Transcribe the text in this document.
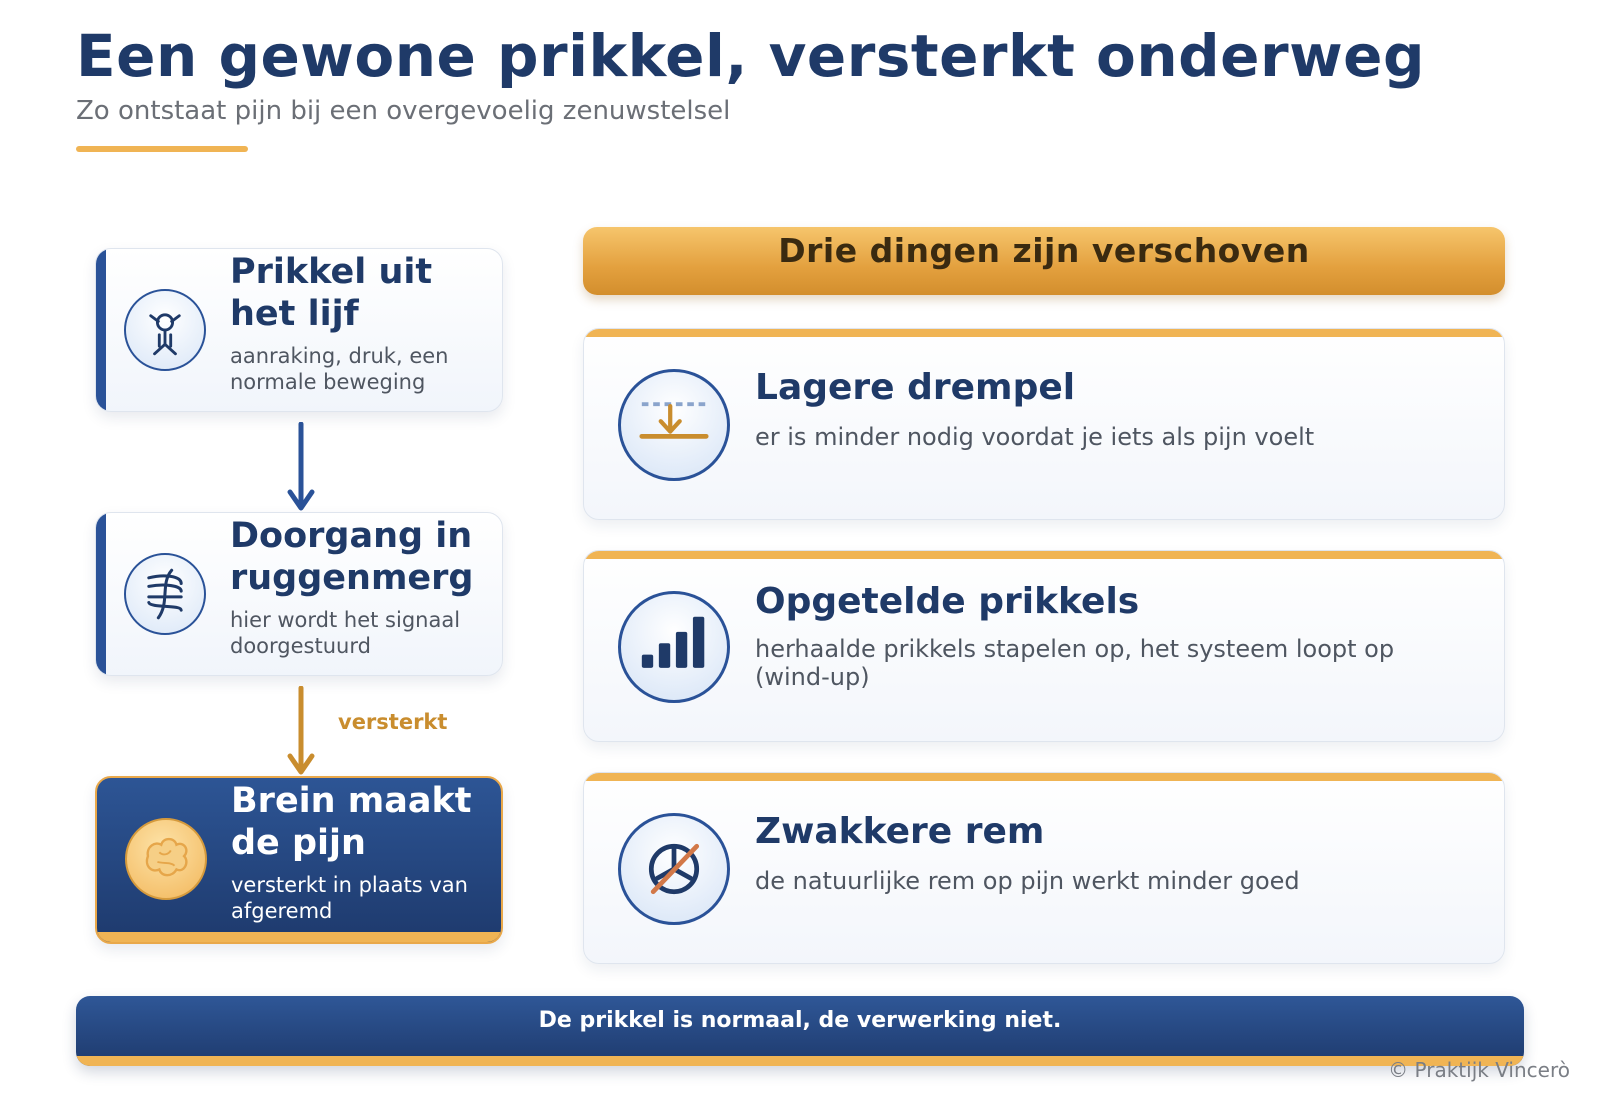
Een gewone prikkel, versterkt onderweg
Zo ontstaat pijn bij een overgevoelig zenuwstelsel
Prikkel uit het lijf
aanraking, druk, een normale beweging
Doorgang in ruggenmerg
hier wordt het signaal doorgestuurd
versterkt
Brein maakt de pijn
versterkt in plaats van afgeremd
Drie dingen zijn verschoven
Lagere drempel
er is minder nodig voordat je iets als pijn voelt
Opgetelde prikkels
herhaalde prikkels stapelen op, het systeem loopt op (wind-up)
Zwakkere rem
de natuurlijke rem op pijn werkt minder goed
De prikkel is normaal, de verwerking niet.
© Praktijk Vincerò
